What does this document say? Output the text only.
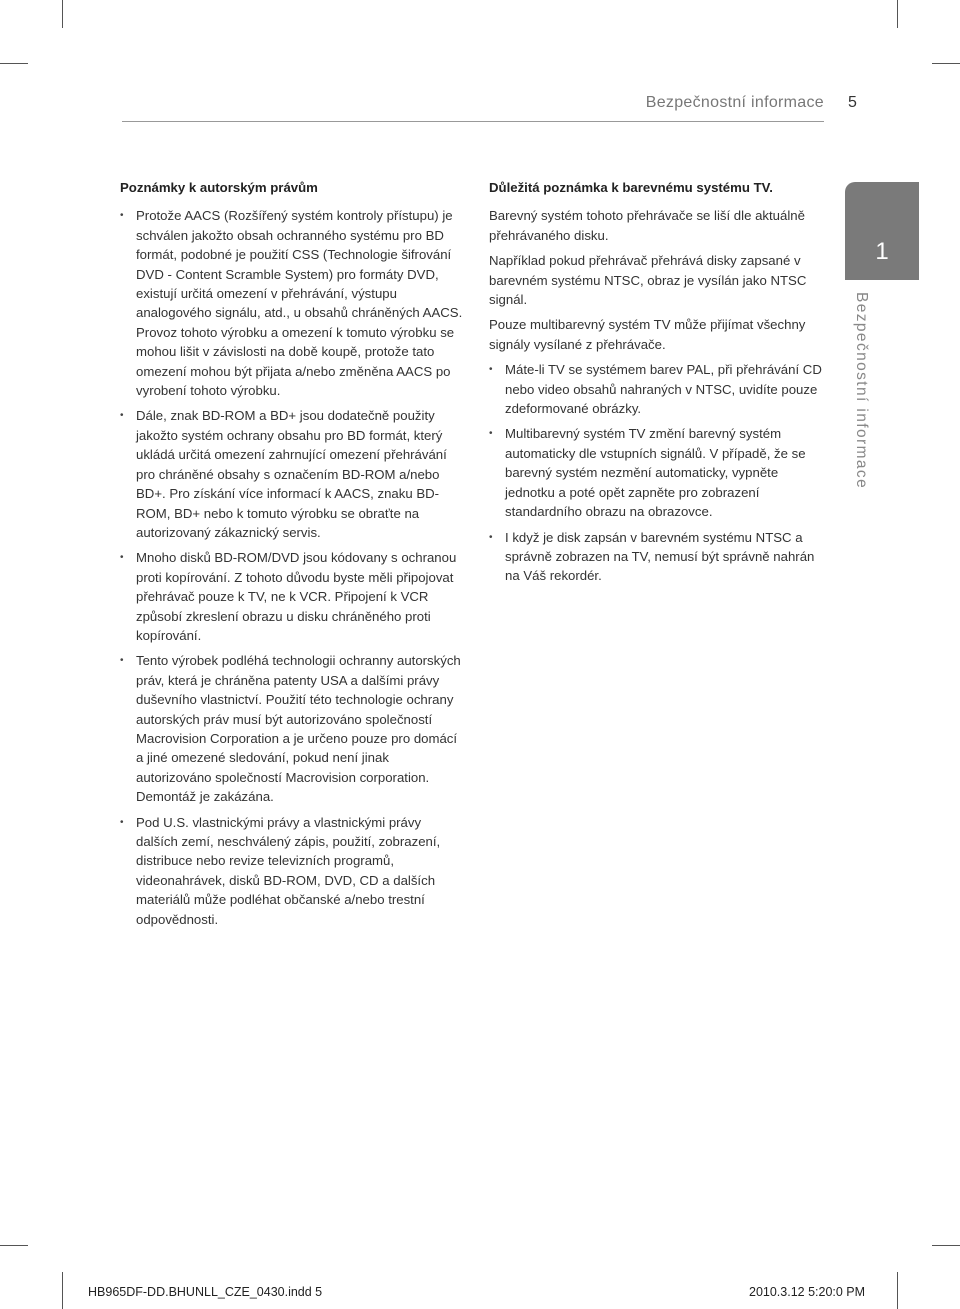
Bezpečnostní informace 5
Poznámky k autorským právům
• Protože AACS (Rozšířený systém kontroly přístupu) je schválen jakožto obsah ochranného systému pro BD formát, podobné je použití CSS (Technologie šifrování DVD - Content Scramble System) pro formáty DVD, existují určitá omezení v přehrávání, výstupu analogového signálu, atd., u obsahů chráněných AACS. Provoz tohoto výrobku a omezení k tomuto výrobku se mohou lišit v závislosti na době koupě, protože tato omezení mohou být přijata a/nebo změněna AACS po vyrobení tohoto výrobku.
• Dále, znak BD-ROM a BD+ jsou dodatečně použity jakožto systém ochrany obsahu pro BD formát, který ukládá určitá omezení zahrnující omezení přehrávání pro chráněné obsahy s označením BD-ROM a/nebo BD+. Pro získání více informací k AACS, znaku BD-ROM, BD+ nebo k tomuto výrobku se obraťte na autorizovaný zákaznický servis.
• Mnoho disků BD-ROM/DVD jsou kódovany s ochranou proti kopírování. Z tohoto důvodu byste měli připojovat přehrávač pouze k TV, ne k VCR. Připojení k VCR způsobí zkreslení obrazu u disku chráněného proti kopírování.
• Tento výrobek podléhá technologii ochranny autorských práv, která je chráněna patenty USA a dalšími právy duševního vlastnictví. Použití této technologie ochrany autorských práv musí být autorizováno společností Macrovision Corporation a je určeno pouze pro domácí a jiné omezené sledování, pokud není jinak autorizováno společností Macrovision corporation. Demontáž je zakázána.
• Pod U.S. vlastnickými právy a vlastnickými právy dalších zemí, neschválený zápis, použití, zobrazení, distribuce nebo revize televizních programů, videonahrávek, disků BD-ROM, DVD, CD a dalších materiálů může podléhat občanské a/nebo trestní odpovědnosti.
Důležitá poznámka k barevnému systému TV.

Barevný systém tohoto přehrávače se liší dle aktuálně přehrávaného disku.

Například pokud přehrávač přehrává disky zapsané v barevném systému NTSC, obraz je vysílán jako NTSC signál.

Pouze multibarevný systém TV může přijímat všechny signály vysílané z přehrávače.

• Máte-li TV se systémem barev PAL, při přehrávání CD nebo video obsahů nahraných v NTSC, uvidíte pouze zdeformované obrázky.
• Multibarevný systém TV změní barevný systém automaticky dle vstupních signálů. V případě, že se barevný systém nezmění automaticky, vypněte jednotku a poté opět zapněte pro zobrazení standardního obrazu na obrazovce.
• I když je disk zapsán v barevném systému NTSC a správně zobrazen na TV, nemusí být správně nahrán na Váš rekordér.
1
Bezpečnostní informace
HB965DF-DD.BHUNLL_CZE_0430.indd 5	2010.3.12 5:20:0 PM
